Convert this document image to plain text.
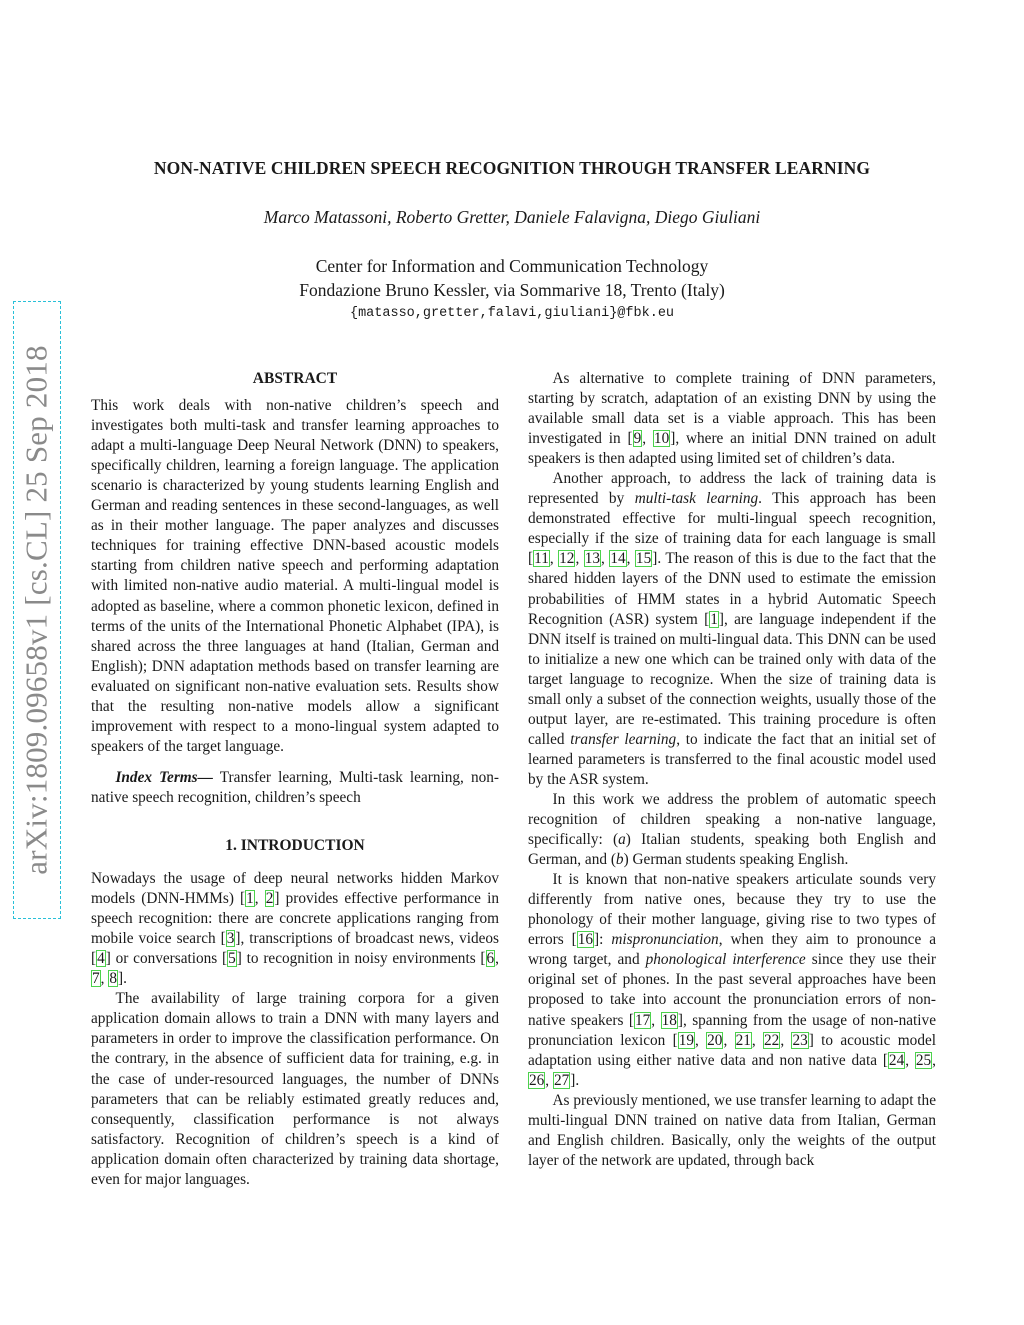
arXiv:1809.09658v1 [cs.CL] 25 Sep 2018
NON-NATIVE CHILDREN SPEECH RECOGNITION THROUGH TRANSFER LEARNING
Marco Matassoni, Roberto Gretter, Daniele Falavigna, Diego Giuliani
Center for Information and Communication Technology
Fondazione Bruno Kessler, via Sommarive 18, Trento (Italy)
{matasso,gretter,falavi,giuliani}@fbk.eu
ABSTRACT

This work deals with non-native children’s speech and investigates both multi-task and transfer learning approaches to adapt a multi-language Deep Neural Network (DNN) to speakers, specifically children, learning a foreign language. The application scenario is characterized by young students learning English and German and reading sentences in these second-languages, as well as in their mother language. The paper analyzes and discusses techniques for training effective DNN-based acoustic models starting from children native speech and performing adaptation with limited non-native audio material. A multi-lingual model is adopted as baseline, where a common phonetic lexicon, defined in terms of the units of the International Phonetic Alphabet (IPA), is shared across the three languages at hand (Italian, German and English); DNN adaptation methods based on transfer learning are evaluated on significant non-native evaluation sets. Results show that the resulting non-native models allow a significant improvement with respect to a mono-lingual system adapted to speakers of the target language.

Index Terms— Transfer learning, Multi-task learning, non-native speech recognition, children’s speech

1. INTRODUCTION

Nowadays the usage of deep neural networks hidden Markov models (DNN-HMMs) [1, 2] provides effective performance in speech recognition: there are concrete applications ranging from mobile voice search [3], transcriptions of broadcast news, videos [4] or conversations [5] to recognition in noisy environments [6, 7, 8].

The availability of large training corpora for a given application domain allows to train a DNN with many layers and parameters in order to improve the classification performance. On the contrary, in the absence of sufficient data for training, e.g. in the case of under-resourced languages, the number of DNNs parameters that can be reliably estimated greatly reduces and, consequently, classification performance is not always satisfactory. Recognition of children’s speech is a kind of application domain often characterized by training data shortage, even for major languages.

As alternative to complete training of DNN parameters, starting by scratch, adaptation of an existing DNN by using the available small data set is a viable approach. This has been investigated in [9, 10], where an initial DNN trained on adult speakers is then adapted using limited set of children’s data.

Another approach, to address the lack of training data is represented by multi-task learning. This approach has been demonstrated effective for multi-lingual speech recognition, especially if the size of training data for each language is small [11, 12, 13, 14, 15]. The reason of this is due to the fact that the shared hidden layers of the DNN used to estimate the emission probabilities of HMM states in a hybrid Automatic Speech Recognition (ASR) system [1], are language independent if the DNN itself is trained on multi-lingual data. This DNN can be used to initialize a new one which can be trained only with data of the target language to recognize. When the size of training data is small only a subset of the connection weights, usually those of the output layer, are re-estimated. This training procedure is often called transfer learning, to indicate the fact that an initial set of learned parameters is transferred to the final acoustic model used by the ASR system.

In this work we address the problem of automatic speech recognition of children speaking a non-native language, specifically: (a) Italian students, speaking both English and German, and (b) German students speaking English.

It is known that non-native speakers articulate sounds very differently from native ones, because they try to use the phonology of their mother language, giving rise to two types of errors [16]: mispronunciation, when they aim to pronounce a wrong target, and phonological interference since they use their original set of phones. In the past several approaches have been proposed to take into account the pronunciation errors of non-native speakers [17, 18], spanning from the usage of non-native pronunciation lexicon [19, 20, 21, 22, 23] to acoustic model adaptation using either native data and non native data [24, 25, 26, 27].

As previously mentioned, we use transfer learning to adapt the multi-lingual DNN trained on native data from Italian, German and English children. Basically, only the weights of the output layer of the network are updated, through back
